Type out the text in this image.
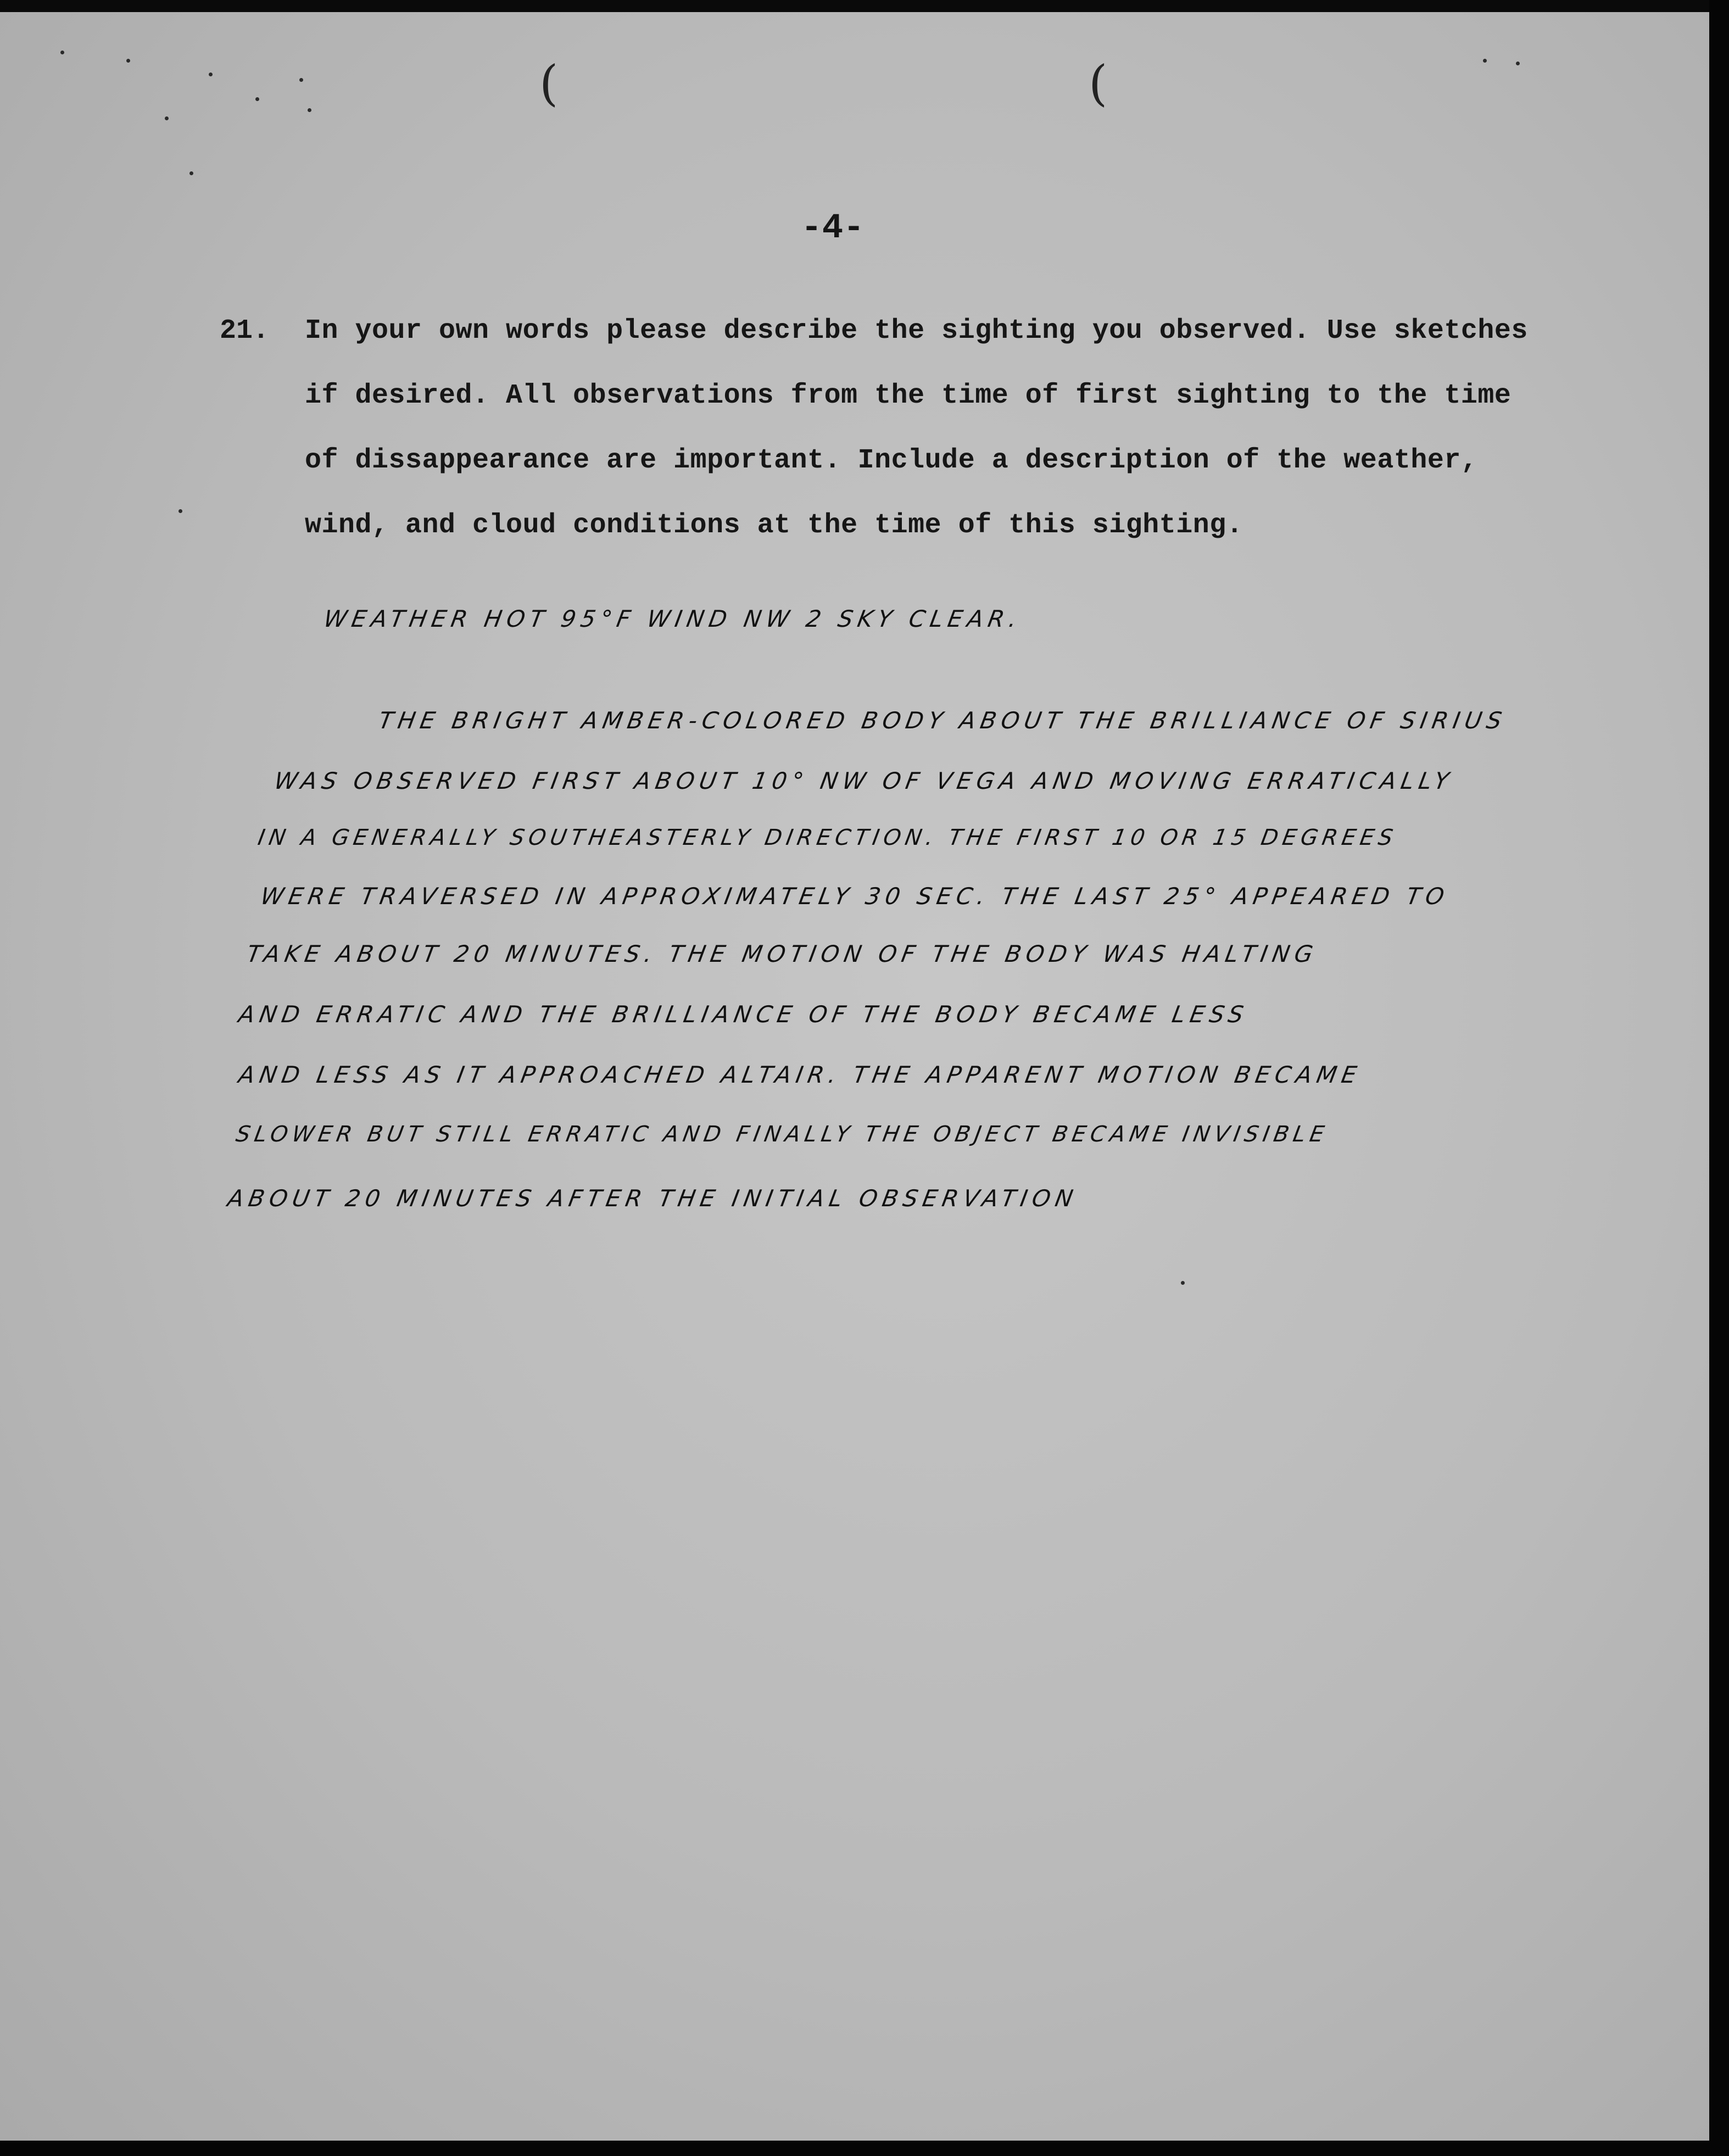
(	(
-4-
21. In your own words please describe the sighting you observed. Use sketches
if desired. All observations from the time of first sighting to the time
of dissappearance are important. Include a description of the weather,
wind, and cloud conditions at the time of this sighting.
WEATHER HOT 95°F WIND NW 2 SKY CLEAR.
THE BRIGHT AMBER-COLORED BODY ABOUT THE BRILLIANCE OF SIRIUS
WAS OBSERVED FIRST ABOUT 10° NW OF VEGA AND MOVING ERRATICALLY
IN A GENERALLY SOUTHEASTERLY DIRECTION. THE FIRST 10 OR 15 DEGREES
WERE TRAVERSED IN APPROXIMATELY 30 SEC. THE LAST 25° APPEARED TO
TAKE ABOUT 20 MINUTES. THE MOTION OF THE BODY WAS HALTING
AND ERRATIC AND THE BRILLIANCE OF THE BODY BECAME LESS
AND LESS AS IT APPROACHED ALTAIR. THE APPARENT MOTION BECAME
SLOWER BUT STILL ERRATIC AND FINALLY THE OBJECT BECAME INVISIBLE
ABOUT 20 MINUTES AFTER THE INITIAL OBSERVATION
